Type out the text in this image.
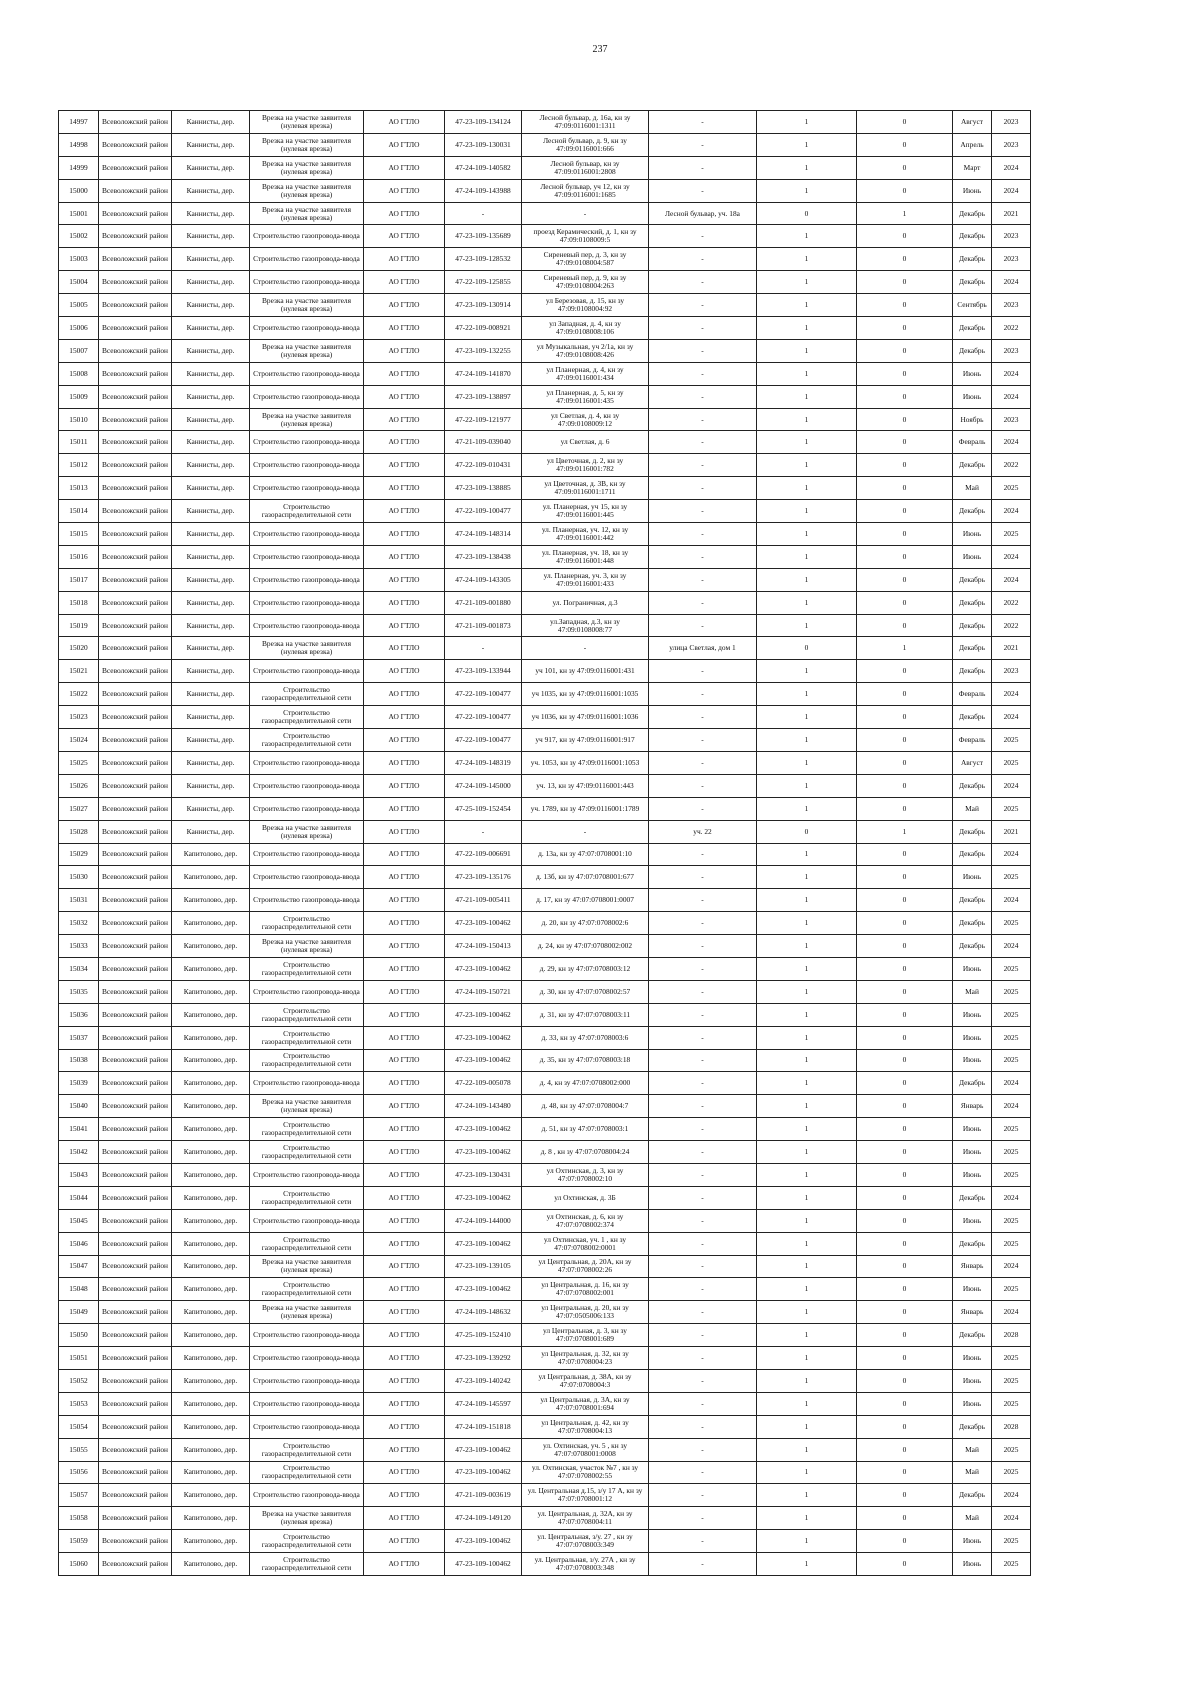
237
14997	Всеволожский район	Каннисты, дер.	Врезка на участке заявителя (нулевая врезка)	АО ГТЛО	47-23-109-134124	Лесной бульвар, д. 16а, кн зу 47:09:0116001:1311	-	1	0	Август	2023
14998	Всеволожский район	Каннисты, дер.	Врезка на участке заявителя (нулевая врезка)	АО ГТЛО	47-23-109-130031	Лесной бульвар, д. 9, кн зу 47:09:0116001:666	-	1	0	Апрель	2023
14999	Всеволожский район	Каннисты, дер.	Врезка на участке заявителя (нулевая врезка)	АО ГТЛО	47-24-109-140582	Лесной бульвар, кн зу 47:09:0116001:2808	-	1	0	Март	2024
15000	Всеволожский район	Каннисты, дер.	Врезка на участке заявителя (нулевая врезка)	АО ГТЛО	47-24-109-143988	Лесной бульвар, уч 12, кн зу 47:09:0116001:1685	-	1	0	Июнь	2024
15001	Всеволожский район	Каннисты, дер.	Врезка на участке заявителя (нулевая врезка)	АО ГТЛО	-	-	Лесной бульвар, уч. 18а	0	1	Декабрь	2021
15002	Всеволожский район	Каннисты, дер.	Строительство газопровода-ввода	АО ГТЛО	47-23-109-135689	проезд Керамический, д. 1, кн зу 47:09:0108009:5	-	1	0	Декабрь	2023
15003	Всеволожский район	Каннисты, дер.	Строительство газопровода-ввода	АО ГТЛО	47-23-109-128532	Сиреневый пер, д. 3, кн зу 47:09:0108004:587	-	1	0	Декабрь	2023
15004	Всеволожский район	Каннисты, дер.	Строительство газопровода-ввода	АО ГТЛО	47-22-109-125855	Сиреневый пер, д. 9, кн зу 47:09:0108004:263	-	1	0	Декабрь	2024
15005	Всеволожский район	Каннисты, дер.	Врезка на участке заявителя (нулевая врезка)	АО ГТЛО	47-23-109-130914	ул Березовая, д. 15, кн зу 47:09:0108004:92	-	1	0	Сентябрь	2023
15006	Всеволожский район	Каннисты, дер.	Строительство газопровода-ввода	АО ГТЛО	47-22-109-008921	ул Западная, д. 4, кн зу 47:09:0108008:106	-	1	0	Декабрь	2022
15007	Всеволожский район	Каннисты, дер.	Врезка на участке заявителя (нулевая врезка)	АО ГТЛО	47-23-109-132255	ул Музыкальная, уч 2/1а, кн зу 47:09:0108008:426	-	1	0	Декабрь	2023
15008	Всеволожский район	Каннисты, дер.	Строительство газопровода-ввода	АО ГТЛО	47-24-109-141870	ул Планерная, д. 4, кн зу 47:09:0116001:434	-	1	0	Июнь	2024
15009	Всеволожский район	Каннисты, дер.	Строительство газопровода-ввода	АО ГТЛО	47-23-109-138897	ул Планерная, д. 5, кн зу 47:09:0116001:435	-	1	0	Июнь	2024
15010	Всеволожский район	Каннисты, дер.	Врезка на участке заявителя (нулевая врезка)	АО ГТЛО	47-22-109-121977	ул Светлая, д. 4, кн зу 47:09:0108009:12	-	1	0	Ноябрь	2023
15011	Всеволожский район	Каннисты, дер.	Строительство газопровода-ввода	АО ГТЛО	47-21-109-039040	ул Светлая, д. 6	-	1	0	Февраль	2024
15012	Всеволожский район	Каннисты, дер.	Строительство газопровода-ввода	АО ГТЛО	47-22-109-010431	ул Цветочная, д. 2, кн зу 47:09:0116001:782	-	1	0	Декабрь	2022
15013	Всеволожский район	Каннисты, дер.	Строительство газопровода-ввода	АО ГТЛО	47-23-109-138885	ул Цветочная, д. 3В, кн зу 47:09:0116001:1711	-	1	0	Май	2025
15014	Всеволожский район	Каннисты, дер.	Строительство газораспределительной сети	АО ГТЛО	47-22-109-100477	ул. Планерная, уч 15, кн зу 47:09:0116001:445	-	1	0	Декабрь	2024
15015	Всеволожский район	Каннисты, дер.	Строительство газопровода-ввода	АО ГТЛО	47-24-109-148314	ул. Планерная, уч. 12, кн зу 47:09:0116001:442	-	1	0	Июнь	2025
15016	Всеволожский район	Каннисты, дер.	Строительство газопровода-ввода	АО ГТЛО	47-23-109-138438	ул. Планерная, уч. 18, кн зу 47:09:0116001:448	-	1	0	Июнь	2024
15017	Всеволожский район	Каннисты, дер.	Строительство газопровода-ввода	АО ГТЛО	47-24-109-143305	ул. Планерная, уч. 3, кн зу 47:09:0116001:433	-	1	0	Декабрь	2024
15018	Всеволожский район	Каннисты, дер.	Строительство газопровода-ввода	АО ГТЛО	47-21-109-001880	ул. Пограничная, д.3	-	1	0	Декабрь	2022
15019	Всеволожский район	Каннисты, дер.	Строительство газопровода-ввода	АО ГТЛО	47-21-109-001873	ул.Западная, д.3, кн зу 47:09:0108008:77	-	1	0	Декабрь	2022
15020	Всеволожский район	Каннисты, дер.	Врезка на участке заявителя (нулевая врезка)	АО ГТЛО	-	-	улица Светлая, дом 1	0	1	Декабрь	2021
15021	Всеволожский район	Каннисты, дер.	Строительство газопровода-ввода	АО ГТЛО	47-23-109-133944	уч 101, кн зу 47:09:0116001:431	-	1	0	Декабрь	2023
15022	Всеволожский район	Каннисты, дер.	Строительство газораспределительной сети	АО ГТЛО	47-22-109-100477	уч 1035, кн зу 47:09:0116001:1035	-	1	0	Февраль	2024
15023	Всеволожский район	Каннисты, дер.	Строительство газораспределительной сети	АО ГТЛО	47-22-109-100477	уч 1036, кн зу 47:09:0116001:1036	-	1	0	Декабрь	2024
15024	Всеволожский район	Каннисты, дер.	Строительство газораспределительной сети	АО ГТЛО	47-22-109-100477	уч 917, кн зу 47:09:0116001:917	-	1	0	Февраль	2025
15025	Всеволожский район	Каннисты, дер.	Строительство газопровода-ввода	АО ГТЛО	47-24-109-148319	уч. 1053, кн зу 47:09:0116001:1053	-	1	0	Август	2025
15026	Всеволожский район	Каннисты, дер.	Строительство газопровода-ввода	АО ГТЛО	47-24-109-145000	уч. 13, кн зу 47:09:0116001:443	-	1	0	Декабрь	2024
15027	Всеволожский район	Каннисты, дер.	Строительство газопровода-ввода	АО ГТЛО	47-25-109-152454	уч. 1789, кн зу 47:09:0116001:1789	-	1	0	Май	2025
15028	Всеволожский район	Каннисты, дер.	Врезка на участке заявителя (нулевая врезка)	АО ГТЛО	-	-	уч. 22	0	1	Декабрь	2021
15029	Всеволожский район	Капитолово, дер.	Строительство газопровода-ввода	АО ГТЛО	47-22-109-006691	д. 13а, кн зу 47:07:0708001:10	-	1	0	Декабрь	2024
15030	Всеволожский район	Капитолово, дер.	Строительство газопровода-ввода	АО ГТЛО	47-23-109-135176	д. 13б, кн зу 47:07:0708001:677	-	1	0	Июнь	2025
15031	Всеволожский район	Капитолово, дер.	Строительство газопровода-ввода	АО ГТЛО	47-21-109-005411	д. 17, кн зу 47:07:0708001:0007	-	1	0	Декабрь	2024
15032	Всеволожский район	Капитолово, дер.	Строительство газораспределительной сети	АО ГТЛО	47-23-109-100462	д. 20, кн зу 47:07:0708002:6	-	1	0	Декабрь	2025
15033	Всеволожский район	Капитолово, дер.	Врезка на участке заявителя (нулевая врезка)	АО ГТЛО	47-24-109-150413	д. 24, кн зу 47:07:0708002:002	-	1	0	Декабрь	2024
15034	Всеволожский район	Капитолово, дер.	Строительство газораспределительной сети	АО ГТЛО	47-23-109-100462	д. 29, кн зу 47:07:0708003:12	-	1	0	Июнь	2025
15035	Всеволожский район	Капитолово, дер.	Строительство газопровода-ввода	АО ГТЛО	47-24-109-150721	д. 30, кн зу 47:07:0708002:57	-	1	0	Май	2025
15036	Всеволожский район	Капитолово, дер.	Строительство газораспределительной сети	АО ГТЛО	47-23-109-100462	д. 31, кн зу 47:07:0708003:11	-	1	0	Июнь	2025
15037	Всеволожский район	Капитолово, дер.	Строительство газораспределительной сети	АО ГТЛО	47-23-109-100462	д. 33, кн зу 47:07:0708003:6	-	1	0	Июнь	2025
15038	Всеволожский район	Капитолово, дер.	Строительство газораспределительной сети	АО ГТЛО	47-23-109-100462	д. 35, кн зу 47:07:0708003:18	-	1	0	Июнь	2025
15039	Всеволожский район	Капитолово, дер.	Строительство газопровода-ввода	АО ГТЛО	47-22-109-005078	д. 4, кн зу 47:07:0708002:000	-	1	0	Декабрь	2024
15040	Всеволожский район	Капитолово, дер.	Врезка на участке заявителя (нулевая врезка)	АО ГТЛО	47-24-109-143480	д. 48, кн зу 47:07:0708004:7	-	1	0	Январь	2024
15041	Всеволожский район	Капитолово, дер.	Строительство газораспределительной сети	АО ГТЛО	47-23-109-100462	д. 51, кн зу 47:07:0708003:1	-	1	0	Июнь	2025
15042	Всеволожский район	Капитолово, дер.	Строительство газораспределительной сети	АО ГТЛО	47-23-109-100462	д. 8 , кн зу 47:07:0708004:24	-	1	0	Июнь	2025
15043	Всеволожский район	Капитолово, дер.	Строительство газопровода-ввода	АО ГТЛО	47-23-109-130431	ул Охтинская, д. 3, кн зу 47:07:0708002:10	-	1	0	Июнь	2025
15044	Всеволожский район	Капитолово, дер.	Строительство газораспределительной сети	АО ГТЛО	47-23-109-100462	ул Охтинская, д. 3Б	-	1	0	Декабрь	2024
15045	Всеволожский район	Капитолово, дер.	Строительство газопровода-ввода	АО ГТЛО	47-24-109-144000	ул Охтинская, д. 6, кн зу 47:07:0708002:374	-	1	0	Июнь	2025
15046	Всеволожский район	Капитолово, дер.	Строительство газораспределительной сети	АО ГТЛО	47-23-109-100462	ул Охтинская, уч. 1 , кн зу 47:07:0708002:0001	-	1	0	Декабрь	2025
15047	Всеволожский район	Капитолово, дер.	Врезка на участке заявителя (нулевая врезка)	АО ГТЛО	47-23-109-139105	ул Центральная, д. 20А, кн зу 47:07:0708002:26	-	1	0	Январь	2024
15048	Всеволожский район	Капитолово, дер.	Строительство газораспределительной сети	АО ГТЛО	47-23-109-100462	ул Центральная, д. 16, кн зу 47:07:0708002:001	-	1	0	Июнь	2025
15049	Всеволожский район	Капитолово, дер.	Врезка на участке заявителя (нулевая врезка)	АО ГТЛО	47-24-109-148632	ул Центральная, д. 20, кн зу 47:07:0505006:133	-	1	0	Январь	2024
15050	Всеволожский район	Капитолово, дер.	Строительство газопровода-ввода	АО ГТЛО	47-25-109-152410	ул Центральная, д. 3, кн зу 47:07:0708001:689	-	1	0	Декабрь	2028
15051	Всеволожский район	Капитолово, дер.	Строительство газопровода-ввода	АО ГТЛО	47-23-109-139292	ул Центральная, д. 32, кн зу 47:07:0708004:23	-	1	0	Июнь	2025
15052	Всеволожский район	Капитолово, дер.	Строительство газопровода-ввода	АО ГТЛО	47-23-109-140242	ул Центральная, д. 38А, кн зу 47:07:0708004:3	-	1	0	Июнь	2025
15053	Всеволожский район	Капитолово, дер.	Строительство газопровода-ввода	АО ГТЛО	47-24-109-145597	ул Центральная, д. 3А, кн зу 47:07:0708001:694	-	1	0	Июнь	2025
15054	Всеволожский район	Капитолово, дер.	Строительство газопровода-ввода	АО ГТЛО	47-24-109-151818	ул Центральная, д. 42, кн зу 47:07:0708004:13	-	1	0	Декабрь	2028
15055	Всеволожский район	Капитолово, дер.	Строительство газораспределительной сети	АО ГТЛО	47-23-109-100462	ул. Охтинская, уч. 5 , кн зу 47:07:0708001:0008	-	1	0	Май	2025
15056	Всеволожский район	Капитолово, дер.	Строительство газораспределительной сети	АО ГТЛО	47-23-109-100462	ул. Охтинская, участок №7 , кн зу 47:07:0708002:55	-	1	0	Май	2025
15057	Всеволожский район	Капитолово, дер.	Строительство газопровода-ввода	АО ГТЛО	47-21-109-003619	ул. Центральная д.15, з/у 17 А, кн зу 47:07:0708001:12	-	1	0	Декабрь	2024
15058	Всеволожский район	Капитолово, дер.	Врезка на участке заявителя (нулевая врезка)	АО ГТЛО	47-24-109-149120	ул. Центральная, д. 32А, кн зу 47:07:0708004:11	-	1	0	Май	2024
15059	Всеволожский район	Капитолово, дер.	Строительство газораспределительной сети	АО ГТЛО	47-23-109-100462	ул. Центральная, з/у. 27 , кн зу 47:07:0708003:349	-	1	0	Июнь	2025
15060	Всеволожский район	Капитолово, дер.	Строительство газораспределительной сети	АО ГТЛО	47-23-109-100462	ул. Центральная, з/у. 27А , кн зу 47:07:0708003:348	-	1	0	Июнь	2025
